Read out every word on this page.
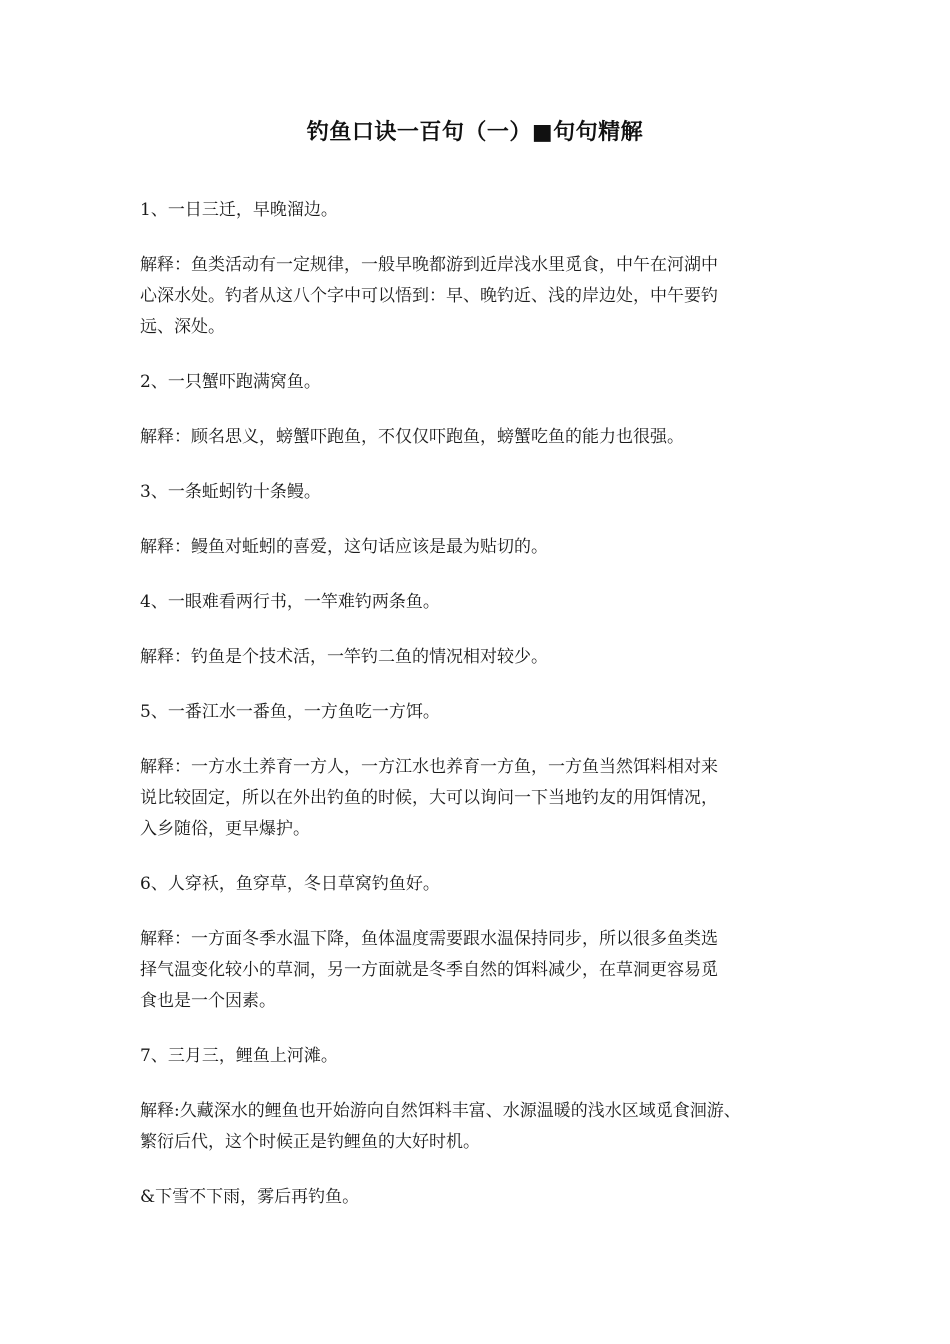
钓鱼口诀一百句（一）■句句精解
1、一日三迁，早晚溜边。
解释：鱼类活动有一定规律，一般早晚都游到近岸浅水里觅食，中午在河湖中
心深水处。钓者从这八个字中可以悟到：早、晚钓近、浅的岸边处，中午要钓
远、深处。
2、一只蟹吓跑满窝鱼。
解释：顾名思义，螃蟹吓跑鱼，不仅仅吓跑鱼，螃蟹吃鱼的能力也很强。
3、一条蚯蚓钓十条鳗。
解释：鳗鱼对蚯蚓的喜爱，这句话应该是最为贴切的。
4、一眼难看两行书，一竿难钓两条鱼。
解释：钓鱼是个技术活，一竿钓二鱼的情况相对较少。
5、一番江水一番鱼，一方鱼吃一方饵。
解释：一方水土养育一方人，一方江水也养育一方鱼，一方鱼当然饵料相对来
说比较固定，所以在外出钓鱼的时候，大可以询问一下当地钓友的用饵情况，
入乡随俗，更早爆护。
6、人穿袄，鱼穿草，冬日草窝钓鱼好。
解释：一方面冬季水温下降，鱼体温度需要跟水温保持同步，所以很多鱼类选
择气温变化较小的草洞，另一方面就是冬季自然的饵料减少，在草洞更容易觅
食也是一个因素。
7、三月三，鲤鱼上河滩。
解释:久藏深水的鲤鱼也开始游向自然饵料丰富、水源温暖的浅水区域觅食洄游、
繁衍后代，这个时候正是钓鲤鱼的大好时机。
&下雪不下雨，雾后再钓鱼。
